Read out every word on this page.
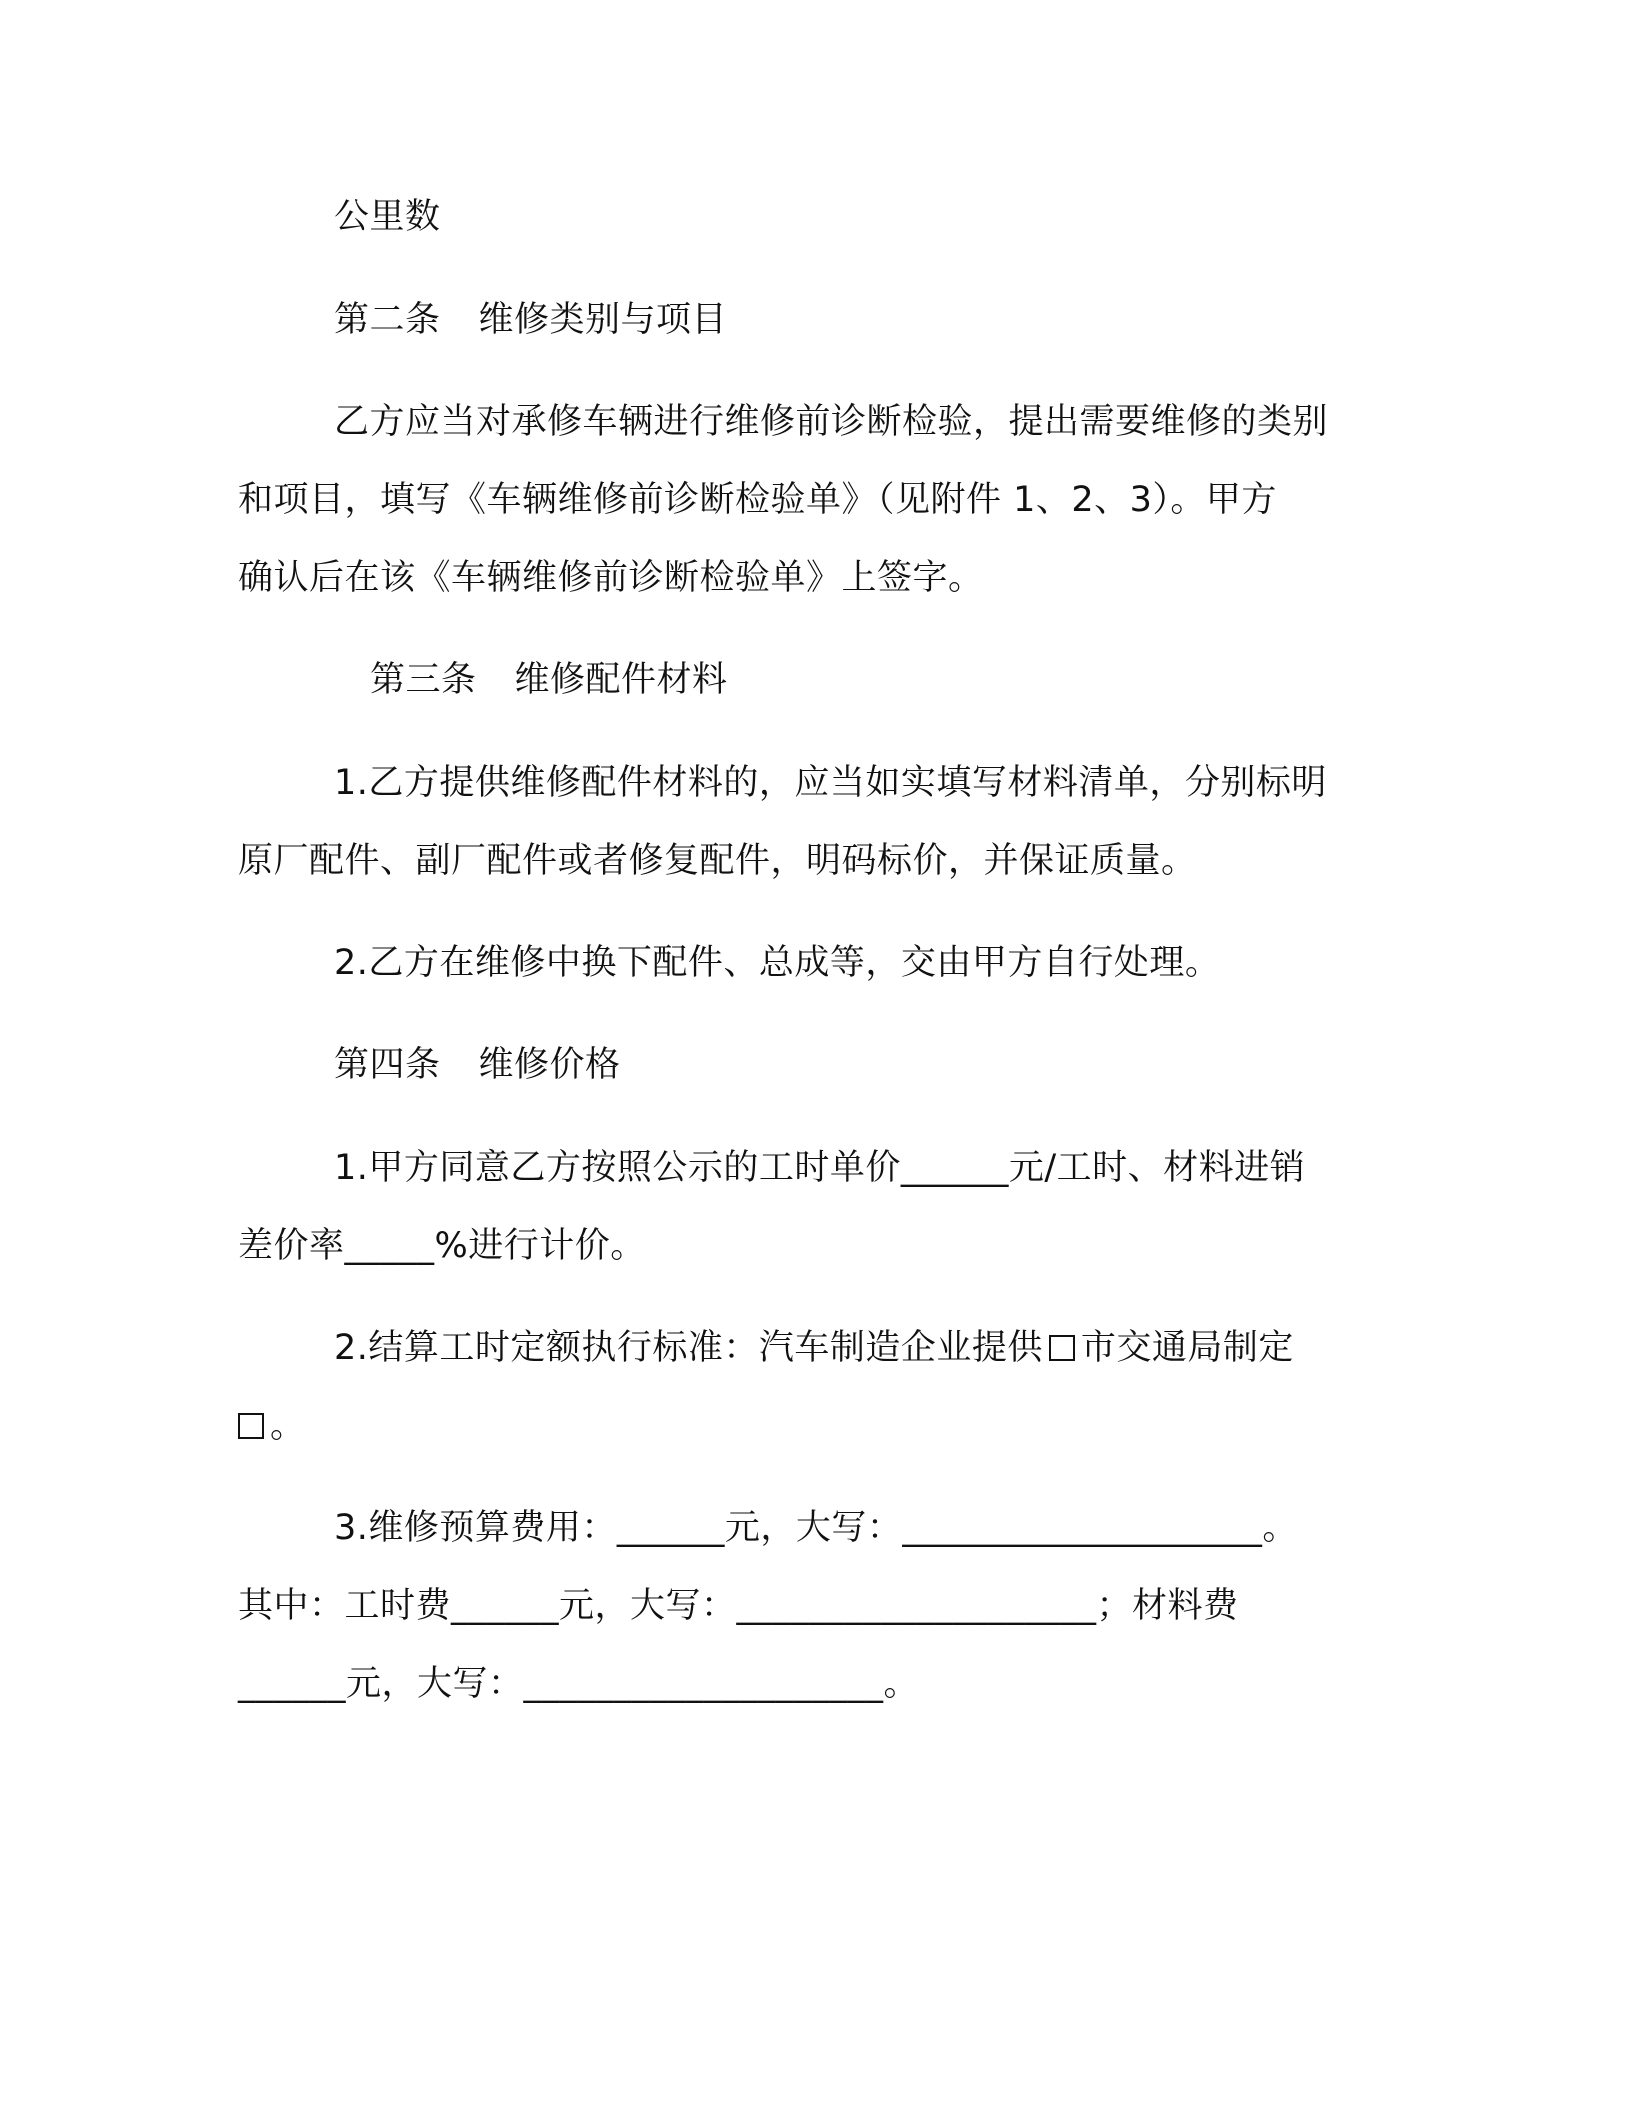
公里数
第二条 维修类别与项目
乙方应当对承修车辆进行维修前诊断检验，提出需要维修的类别
和项目，填写《车辆维修前诊断检验单》（见附件 1、2、3）。甲方
确认后在该《车辆维修前诊断检验单》上签字。
第三条 维修配件材料
1.乙方提供维修配件材料的，应当如实填写材料清单，分别标明
原厂配件、副厂配件或者修复配件，明码标价，并保证质量。
2.乙方在维修中换下配件、总成等，交由甲方自行处理。
第四条 维修价格
1.甲方同意乙方按照公示的工时单价______元/工时、材料进销
差价率_____%进行计价。
2.结算工时定额执行标准：汽车制造企业提供 市交通局制定
。
3.维修预算费用：______元，大写：____________________。
其中：工时费______元，大写：____________________；材料费
______元，大写：____________________。
